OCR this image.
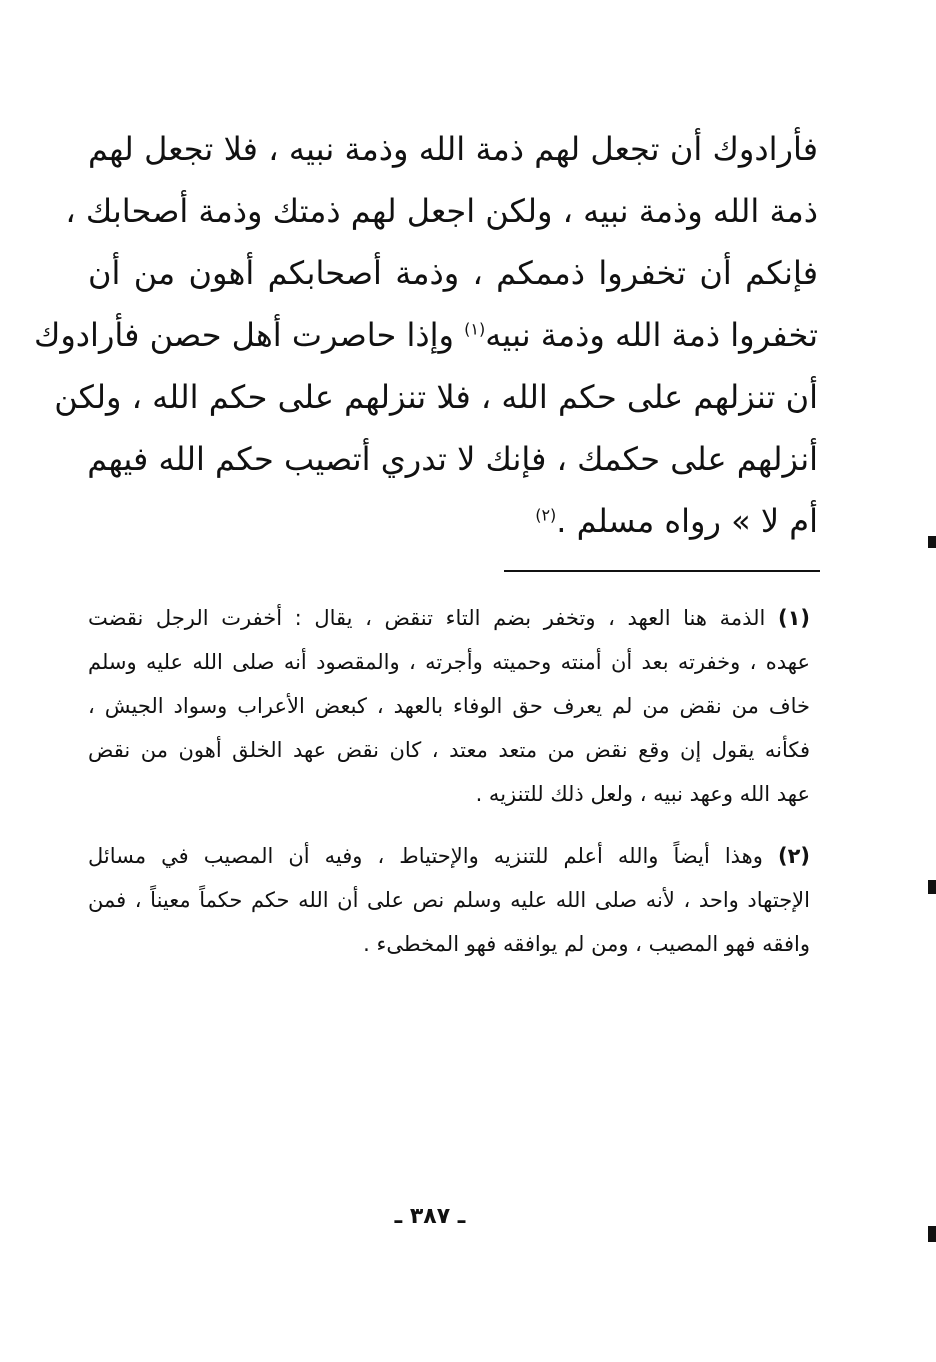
فأرادوك أن تجعل لهم ذمة الله وذمة نبيه ، فلا تجعل لهم
ذمة الله وذمة نبيه ، ولكن اجعل لهم ذمتك وذمة أصحابك ،
فإنكم أن تخفروا ذممكم ، وذمة أصحابكم أهون من أن
تخفروا ذمة الله وذمة نبيه$^{(١)}$ وإذا حاصرت أهل حصن فأرادوك
أن تنزلهم على حكم الله ، فلا تنزلهم على حكم الله ، ولكن
أنزلهم على حكمك ، فإنك لا تدري أتصيب حكم الله فيهم
أم لا » رواه مسلم .$^{(٢)}$
(١) الذمة هنا العهد ، وتخفر بضم التاء تنقض ، يقال : أخفرت الرجل نقضت
عهده ، وخفرته بعد أن أمنته وحميته وأجرته ، والمقصود أنه صلى الله عليه وسلم
خاف من نقض من لم يعرف حق الوفاء بالعهد ، كبعض الأعراب وسواد الجيش ،
فكأنه يقول إن وقع نقض من متعد معتد ، كان نقض عهد الخلق أهون من نقض
عهد الله وعهد نبيه ، ولعل ذلك للتنزيه .
(٢) وهذا أيضاً والله أعلم للتنزيه والإحتياط ، وفيه أن المصيب في مسائل
الإجتهاد واحد ، لأنه صلى الله عليه وسلم نص على أن الله حكم حكماً معيناً ، فمن
وافقه فهو المصيب ، ومن لم يوافقه فهو المخطىء .
ـ ٣٨٧ ـ
